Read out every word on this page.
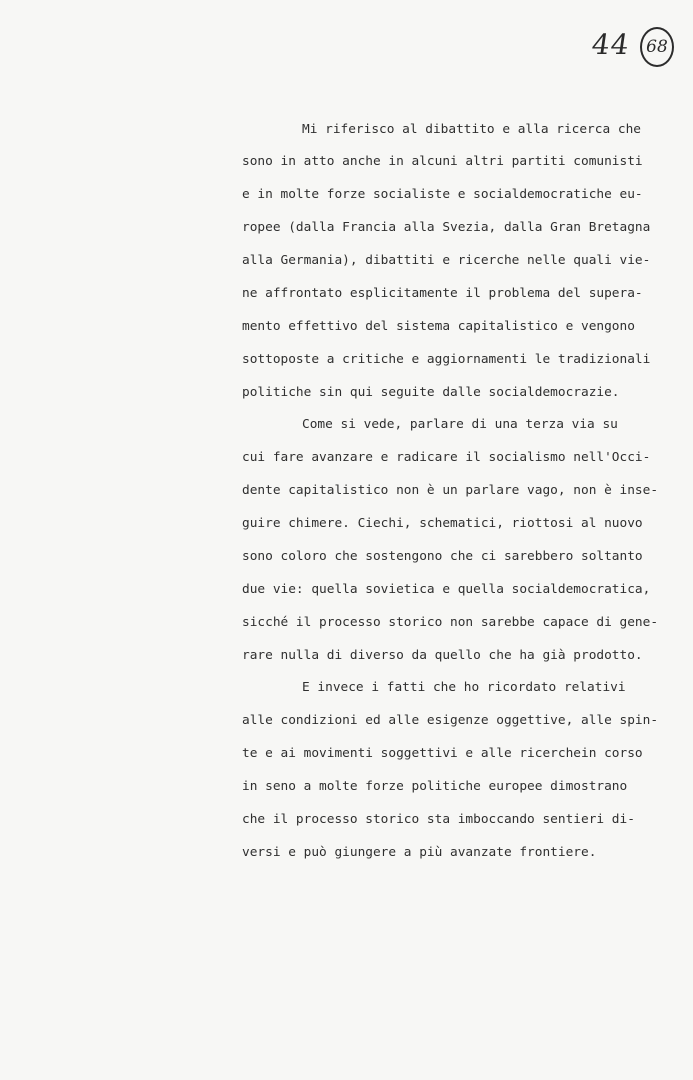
44 68
Mi riferisco al dibattito e alla ricerca che
sono in atto anche in alcuni altri partiti comunisti
e in molte forze socialiste e socialdemocratiche eu-
ropee (dalla Francia alla Svezia, dalla Gran Bretagna
alla Germania), dibattiti e ricerche nelle quali vie-
ne affrontato esplicitamente il problema del supera-
mento effettivo del sistema capitalistico e vengono
sottoposte a critiche e aggiornamenti le tradizionali
politiche sin qui seguite dalle socialdemocrazie.
Come si vede, parlare di una terza via su
cui fare avanzare e radicare il socialismo nell'Occi-
dente capitalistico non è un parlare vago, non è inse-
guire chimere. Ciechi, schematici, riottosi al nuovo
sono coloro che sostengono che ci sarebbero soltanto
due vie: quella sovietica e quella socialdemocratica,
sicché il processo storico non sarebbe capace di gene-
rare nulla di diverso da quello che ha già prodotto.
E invece i fatti che ho ricordato relativi
alle condizioni ed alle esigenze oggettive, alle spin-
te e ai movimenti soggettivi e alle ricerchein corso
in seno a molte forze politiche europee dimostrano
che il processo storico sta imboccando sentieri di-
versi e può giungere a più avanzate frontiere.
